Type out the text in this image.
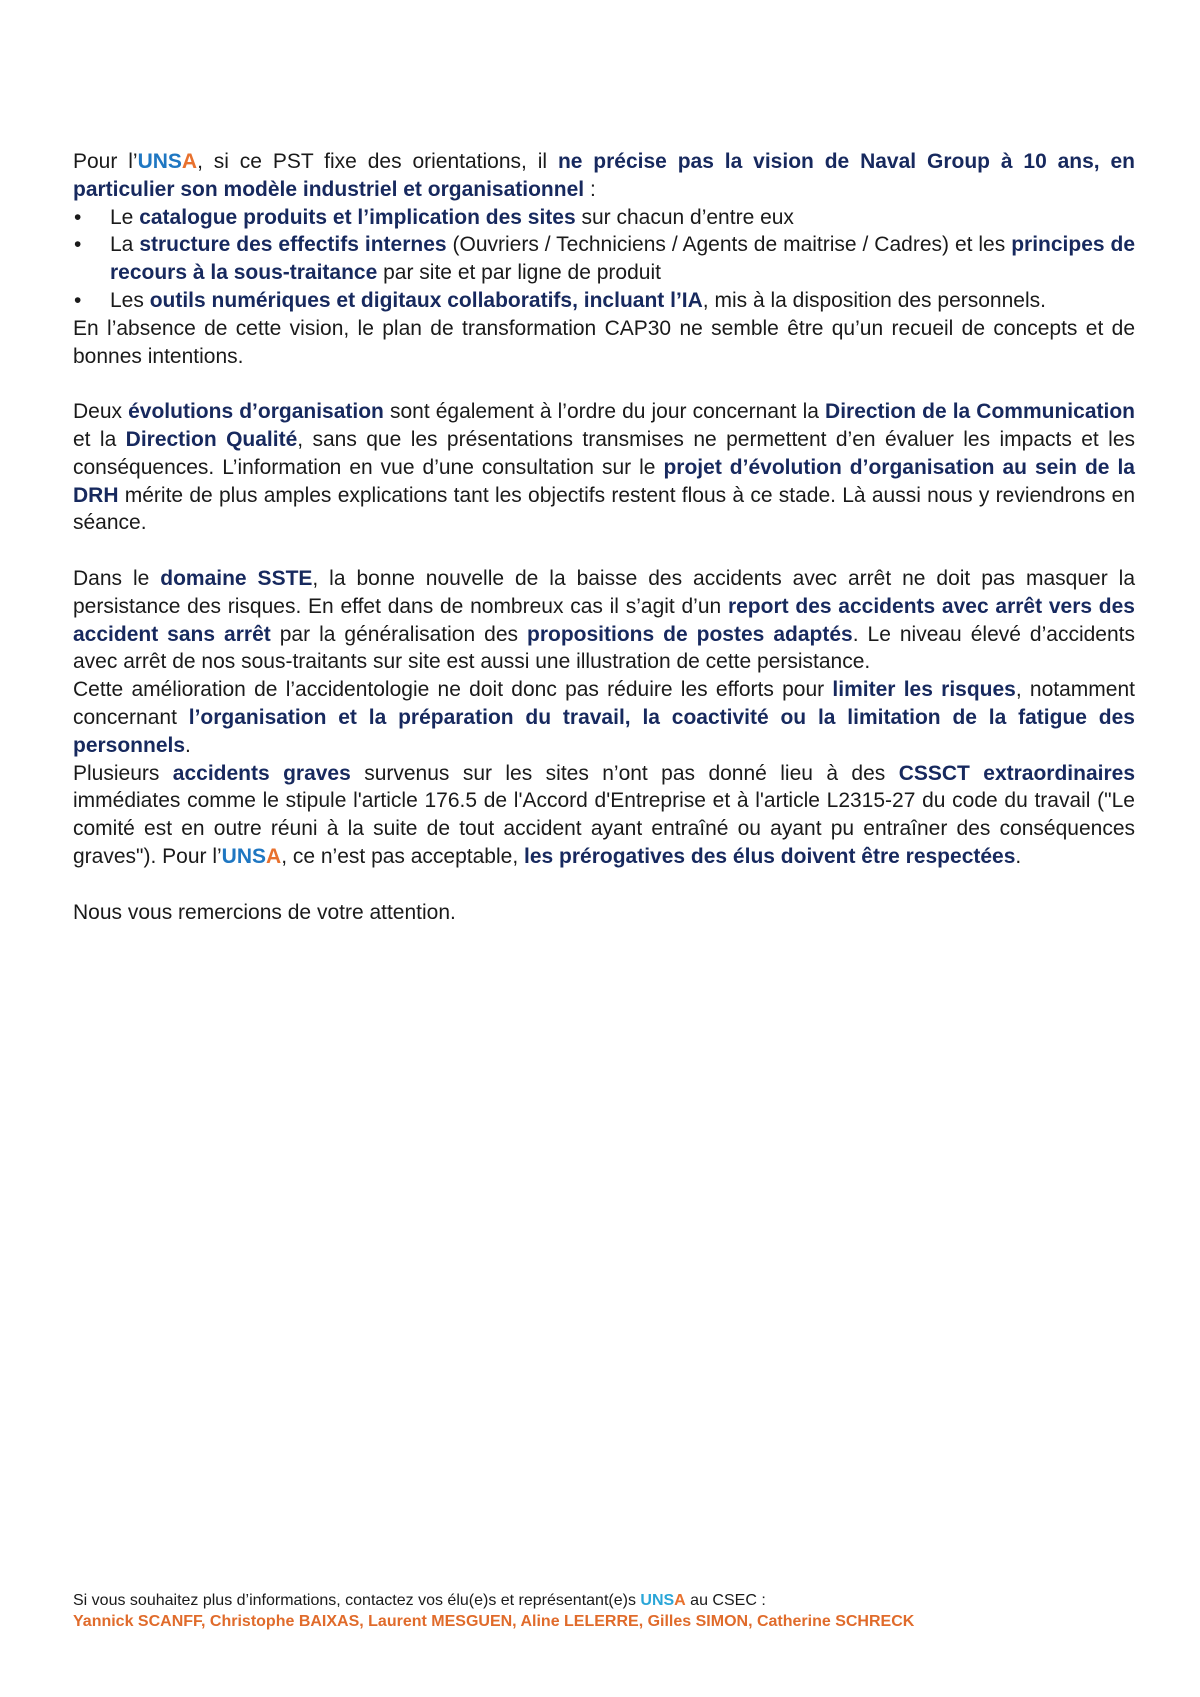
Pour l’UNSA, si ce PST fixe des orientations, il ne précise pas la vision de Naval Group à 10 ans, en particulier son modèle industriel et organisationnel :

• Le catalogue produits et l’implication des sites sur chacun d’entre eux
• La structure des effectifs internes (Ouvriers / Techniciens / Agents de maitrise / Cadres) et les principes de recours à la sous-traitance par site et par ligne de produit
• Les outils numériques et digitaux collaboratifs, incluant l’IA, mis à la disposition des personnels.

En l’absence de cette vision, le plan de transformation CAP30 ne semble être qu’un recueil de concepts et de bonnes intentions.

Deux évolutions d’organisation sont également à l’ordre du jour concernant la Direction de la Communication et la Direction Qualité, sans que les présentations transmises ne permettent d’en évaluer les impacts et les conséquences. L’information en vue d’une consultation sur le projet d’évolution d’organisation au sein de la DRH mérite de plus amples explications tant les objectifs restent flous à ce stade. Là aussi nous y reviendrons en séance.

Dans le domaine SSTE, la bonne nouvelle de la baisse des accidents avec arrêt ne doit pas masquer la persistance des risques. En effet dans de nombreux cas il s’agit d’un report des accidents avec arrêt vers des accident sans arrêt par la généralisation des propositions de postes adaptés. Le niveau élevé d’accidents avec arrêt de nos sous-traitants sur site est aussi une illustration de cette persistance.

Cette amélioration de l’accidentologie ne doit donc pas réduire les efforts pour limiter les risques, notamment concernant l’organisation et la préparation du travail, la coactivité ou la limitation de la fatigue des personnels.

Plusieurs accidents graves survenus sur les sites n’ont pas donné lieu à des CSSCT extraordinaires immédiates comme le stipule l'article 176.5 de l'Accord d'Entreprise et à l'article L2315-27 du code du travail ("Le comité est en outre réuni à la suite de tout accident ayant entraîné ou ayant pu entraîner des conséquences graves"). Pour l’UNSA, ce n’est pas acceptable, les prérogatives des élus doivent être respectées.

Nous vous remercions de votre attention.

Si vous souhaitez plus d’informations, contactez vos élu(e)s et représentant(e)s UNSA au CSEC :
Yannick SCANFF, Christophe BAIXAS, Laurent MESGUEN, Aline LELERRE, Gilles SIMON, Catherine SCHRECK
